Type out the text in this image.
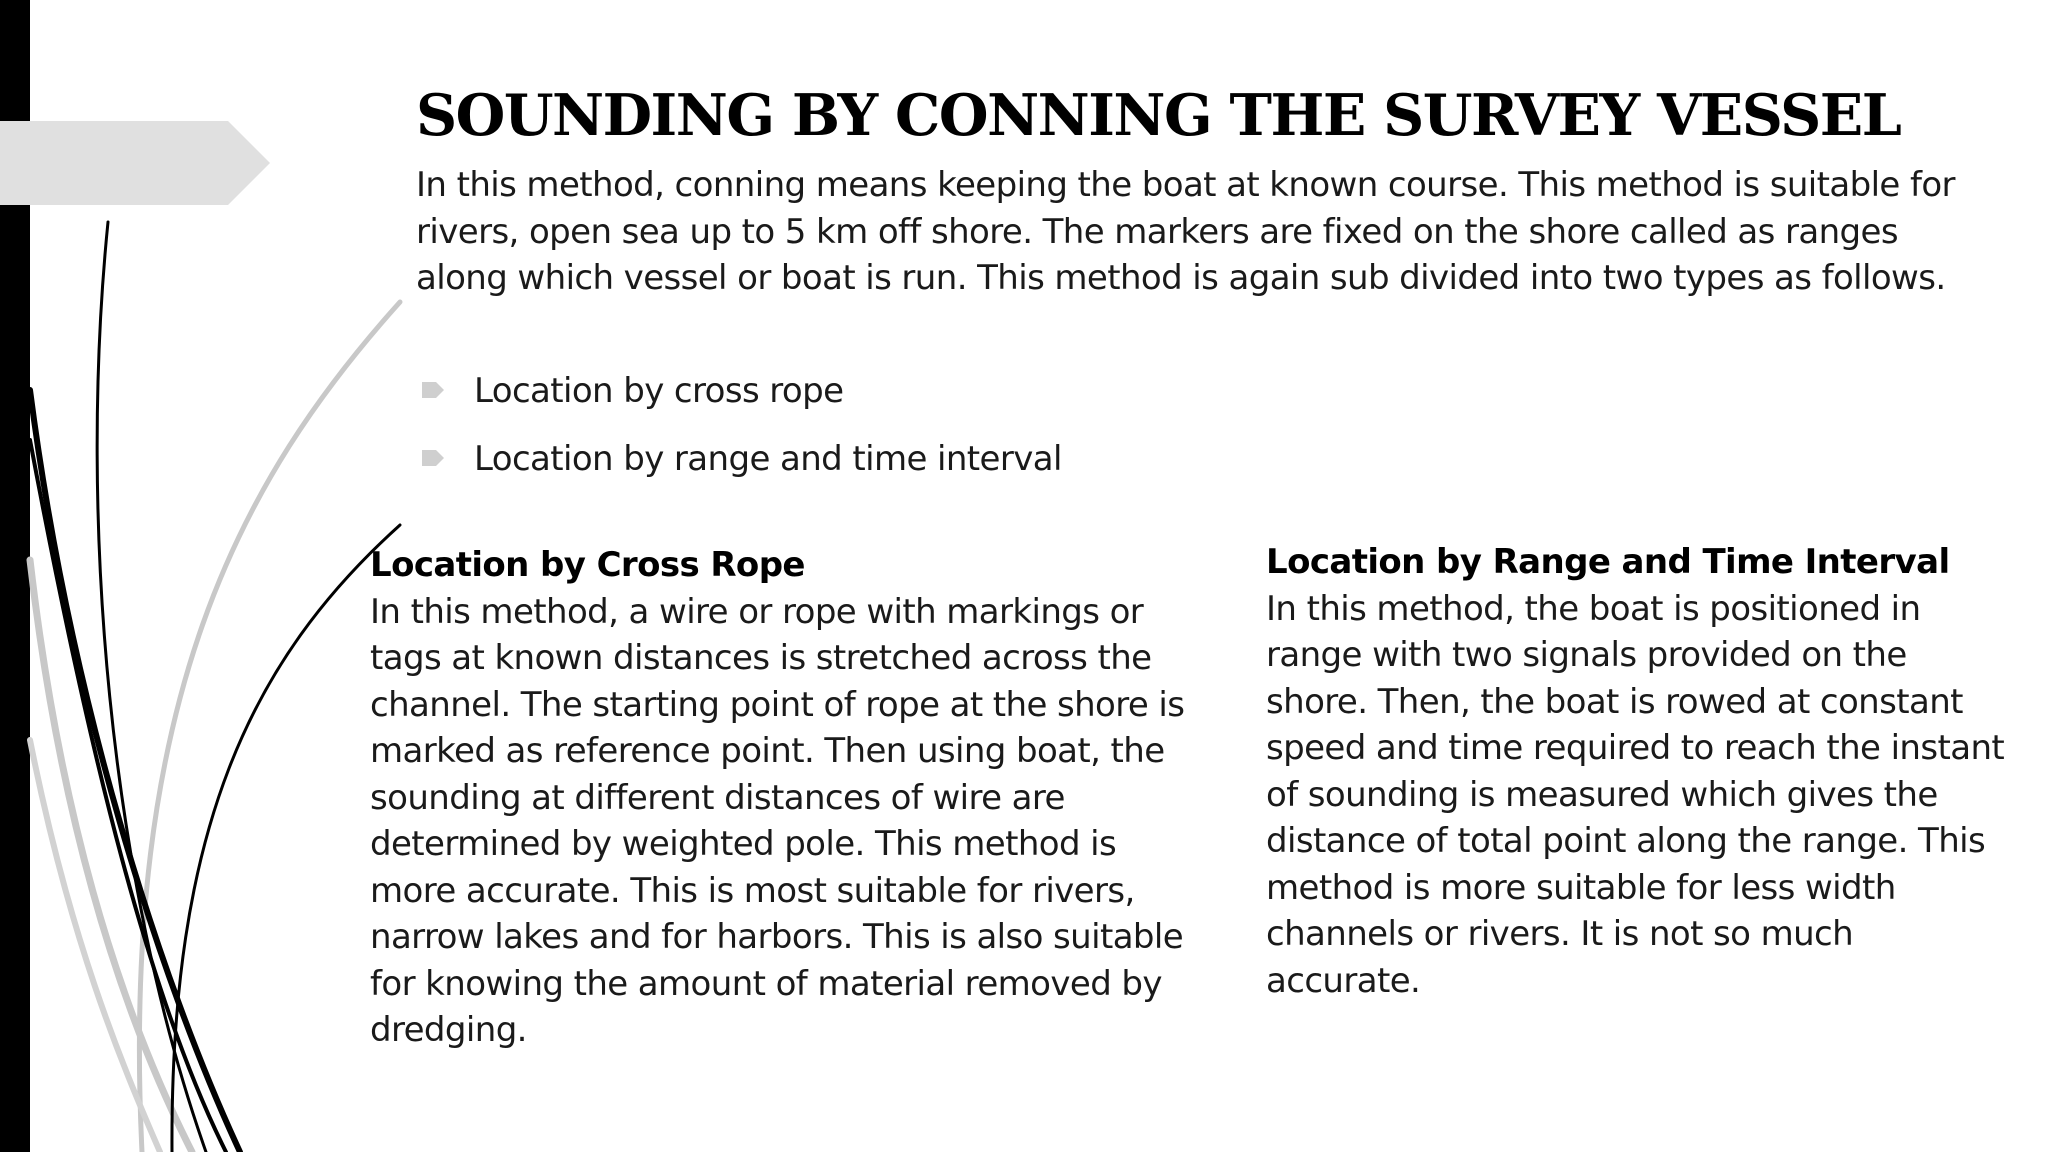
SOUNDING BY CONNING THE SURVEY VESSEL
In this method, conning means keeping the boat at known course. This method is suitable for rivers, open sea up to 5 km off shore. The markers are fixed on the shore called as ranges along which vessel or boat is run. This method is again sub divided into two types as follows.
Location by cross rope
Location by range and time interval
Location by Cross Rope
In this method, a wire or rope with markings or tags at known distances is stretched across the channel. The starting point of rope at the shore is marked as reference point. Then using boat, the sounding at different distances of wire are determined by weighted pole. This method is more accurate. This is most suitable for rivers, narrow lakes and for harbors. This is also suitable for knowing the amount of material removed by dredging.
Location by Range and Time Interval
In this method, the boat is positioned in range with two signals provided on the shore. Then, the boat is rowed at constant speed and time required to reach the instant of sounding is measured which gives the distance of total point along the range. This method is more suitable for less width channels or rivers. It is not so much accurate.
